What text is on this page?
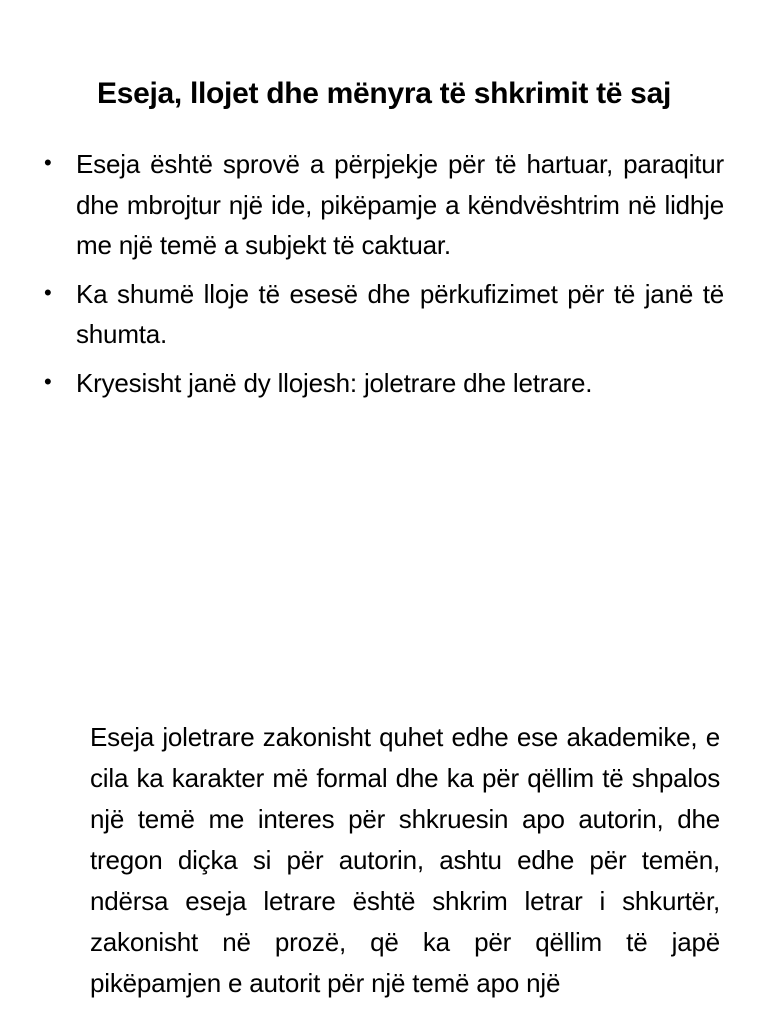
Eseja, llojet dhe mënyra të shkrimit të saj
• Eseja është sprovë a përpjekje për të hartuar, paraqitur dhe mbrojtur një ide, pikëpamje a këndvështrim në lidhje me një temë a subjekt të caktuar.
• Ka shumë lloje të esesë dhe përkufizimet për të janë të shumta.
• Kryesisht janë dy llojesh: joletrare dhe letrare.

Eseja joletrare zakonisht quhet edhe ese akademike, e cila ka karakter më formal dhe ka për qëllim të shpalos një temë me interes për shkruesin apo autorin, dhe tregon diçka si për autorin, ashtu edhe për temën, ndërsa eseja letrare është shkrim letrar i shkurtër, zakonisht në prozë, që ka për qëllim të japë pikëpamjen e autorit për një temë apo një
